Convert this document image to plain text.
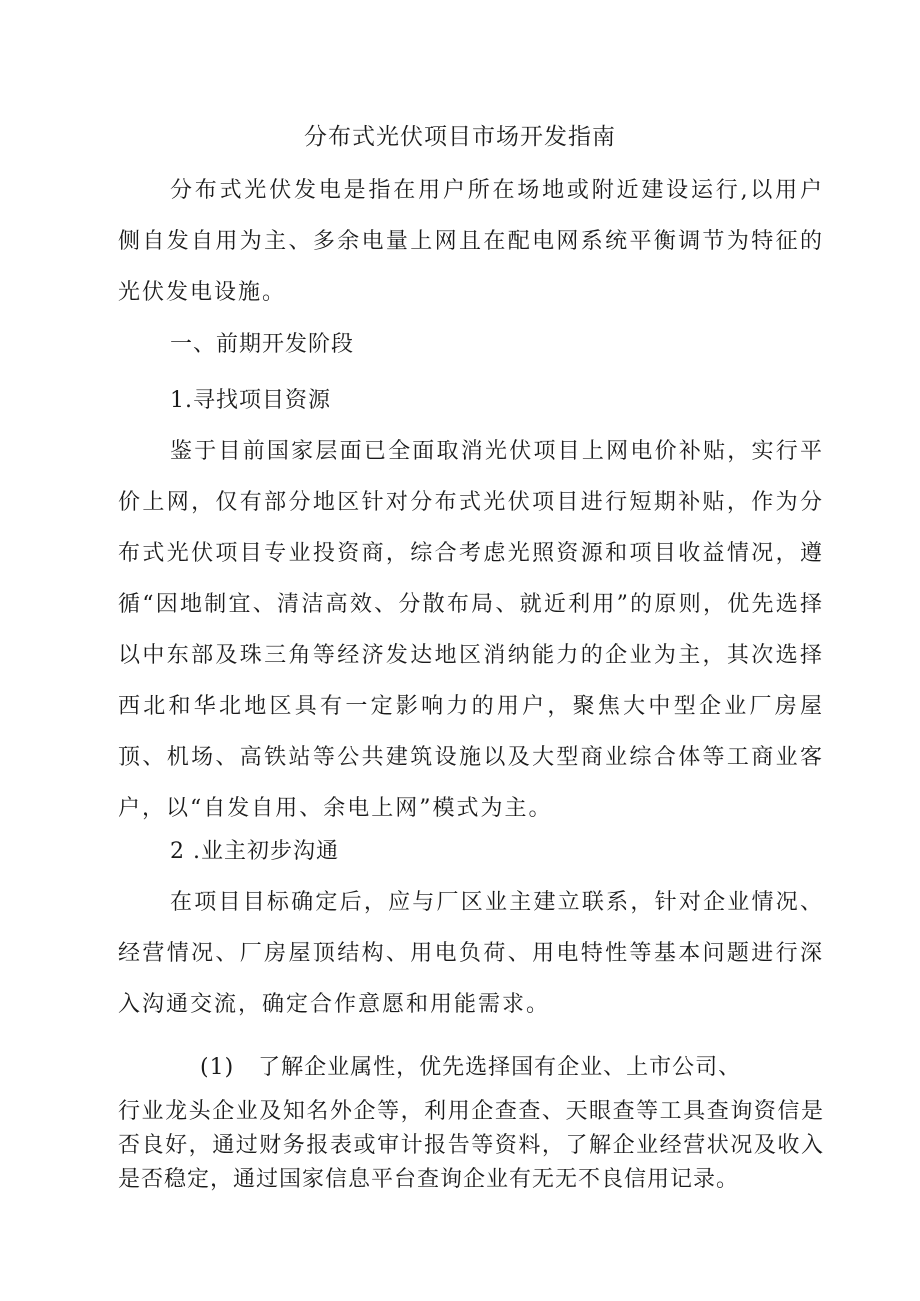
分布式光伏项目市场开发指南
分布式光伏发电是指在用户所在场地或附近建设运行,以用户侧自发自用为主、多余电量上网且在配电网系统平衡调节为特征的光伏发电设施。
一、前期开发阶段
1.寻找项目资源
鉴于目前国家层面已全面取消光伏项目上网电价补贴，实行平价上网，仅有部分地区针对分布式光伏项目进行短期补贴，作为分布式光伏项目专业投资商，综合考虑光照资源和项目收益情况，遵循“因地制宜、清洁高效、分散布局、就近利用”的原则，优先选择以中东部及珠三角等经济发达地区消纳能力的企业为主，其次选择西北和华北地区具有一定影响力的用户，聚焦大中型企业厂房屋顶、机场、高铁站等公共建筑设施以及大型商业综合体等工商业客户，以“自发自用、余电上网”模式为主。
2 .业主初步沟通
在项目目标确定后，应与厂区业主建立联系，针对企业情况、经营情况、厂房屋顶结构、用电负荷、用电特性等基本问题进行深入沟通交流，确定合作意愿和用能需求。
(1) 了解企业属性，优先选择国有企业、上市公司、
行业龙头企业及知名外企等，利用企查查、天眼查等工具查询资信是否良好，通过财务报表或审计报告等资料，了解企业经营状况及收入是否稳定，通过国家信息平台查询企业有无无不良信用记录。
